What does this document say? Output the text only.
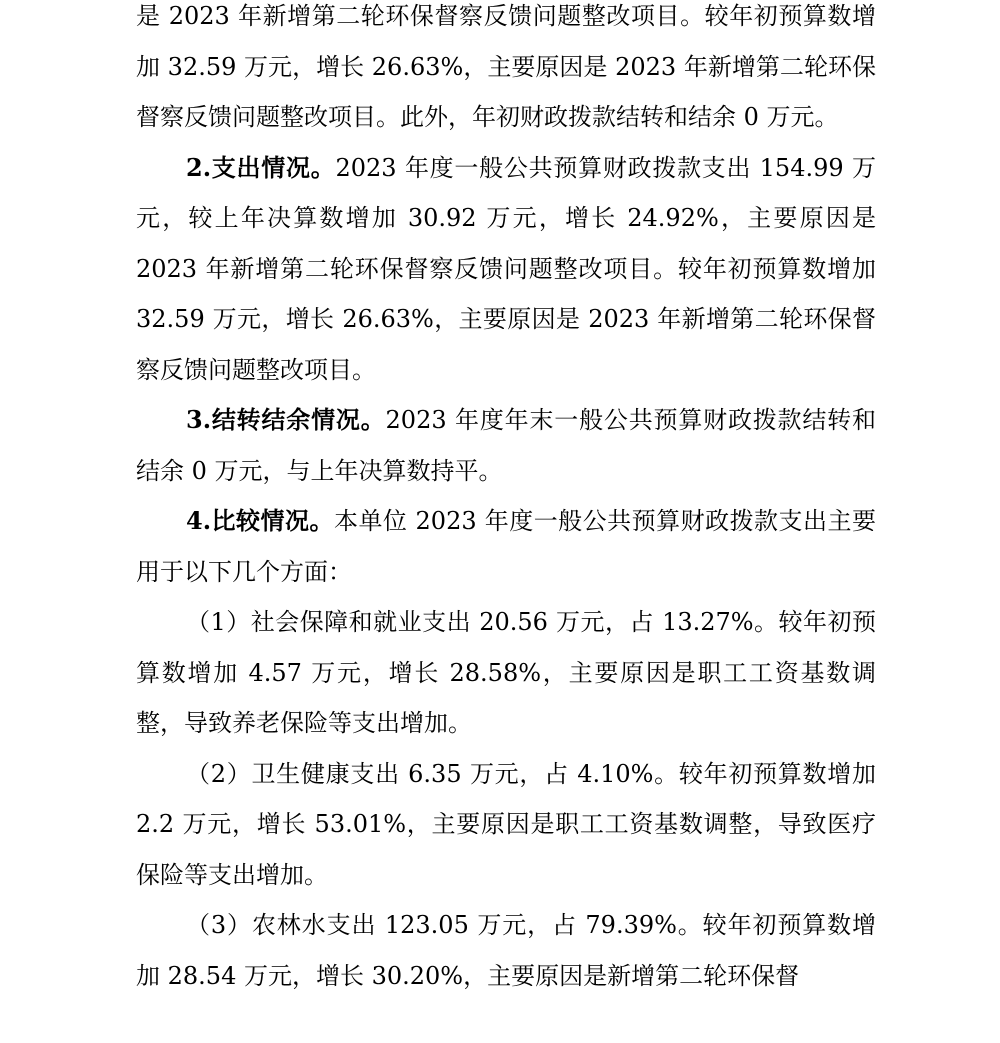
是 2023 年新增第二轮环保督察反馈问题整改项目。较年初预算数增加 32.59 万元，增长 26.63%，主要原因是 2023 年新增第二轮环保督察反馈问题整改项目。此外，年初财政拨款结转和结余 0 万元。

2.支出情况。2023 年度一般公共预算财政拨款支出 154.99 万元，较上年决算数增加 30.92 万元，增长 24.92%，主要原因是 2023 年新增第二轮环保督察反馈问题整改项目。较年初预算数增加 32.59 万元，增长 26.63%，主要原因是 2023 年新增第二轮环保督察反馈问题整改项目。

3.结转结余情况。2023 年度年末一般公共预算财政拨款结转和结余 0 万元，与上年决算数持平。

4.比较情况。本单位 2023 年度一般公共预算财政拨款支出主要用于以下几个方面：

（1）社会保障和就业支出 20.56 万元，占 13.27%。较年初预算数增加 4.57 万元，增长 28.58%，主要原因是职工工资基数调整，导致养老保险等支出增加。

（2）卫生健康支出 6.35 万元，占 4.10%。较年初预算数增加 2.2 万元，增长 53.01%，主要原因是职工工资基数调整，导致医疗保险等支出增加。

（3）农林水支出 123.05 万元，占 79.39%。较年初预算数增加 28.54 万元，增长 30.20%，主要原因是新增第二轮环保督
